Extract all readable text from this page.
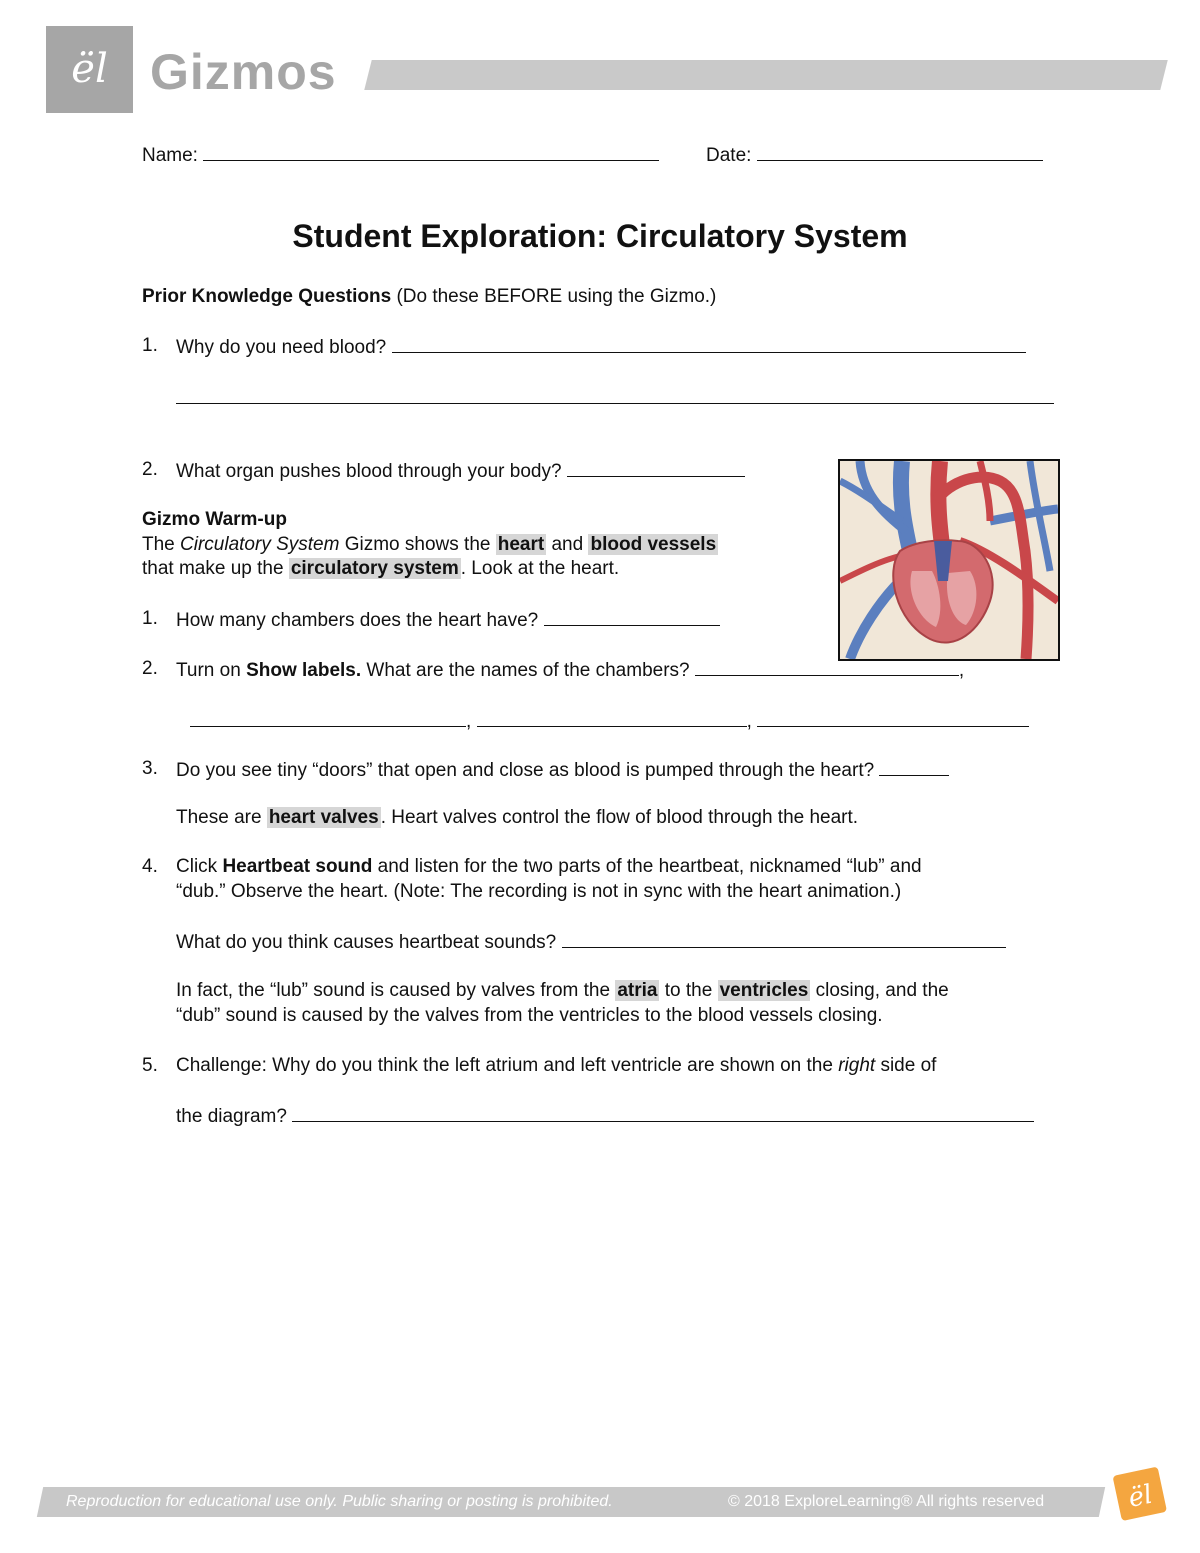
ël Gizmos
Name:	Date:
Student Exploration: Circulatory System
Prior Knowledge Questions (Do these BEFORE using the Gizmo.)
1. Why do you need blood?
2. What organ pushes blood through your body?
Gizmo Warm-up
The Circulatory System Gizmo shows the heart and blood vessels
that make up the circulatory system . Look at the heart.
1. How many chambers does the heart have?
2. Turn on Show labels. What are the names of the chambers?	,
,	,
3. Do you see tiny “doors” that open and close as blood is pumped through the heart?
These are heart valves . Heart valves control the flow of blood through the heart.
4. Click Heartbeat sound and listen for the two parts of the heartbeat, nicknamed “lub” and
“dub.” Observe the heart. (Note: The recording is not in sync with the heart animation.)
What do you think causes heartbeat sounds?
In fact, the “lub” sound is caused by valves from the atria to the ventricles closing, and the
“dub” sound is caused by the valves from the ventricles to the blood vessels closing.
5. Challenge: Why do you think the left atrium and left ventricle are shown on the right side of
the diagram?
Reproduction for educational use only. Public sharing or posting is prohibited.	© 2018 ExploreLearning® All rights reserved	ël
